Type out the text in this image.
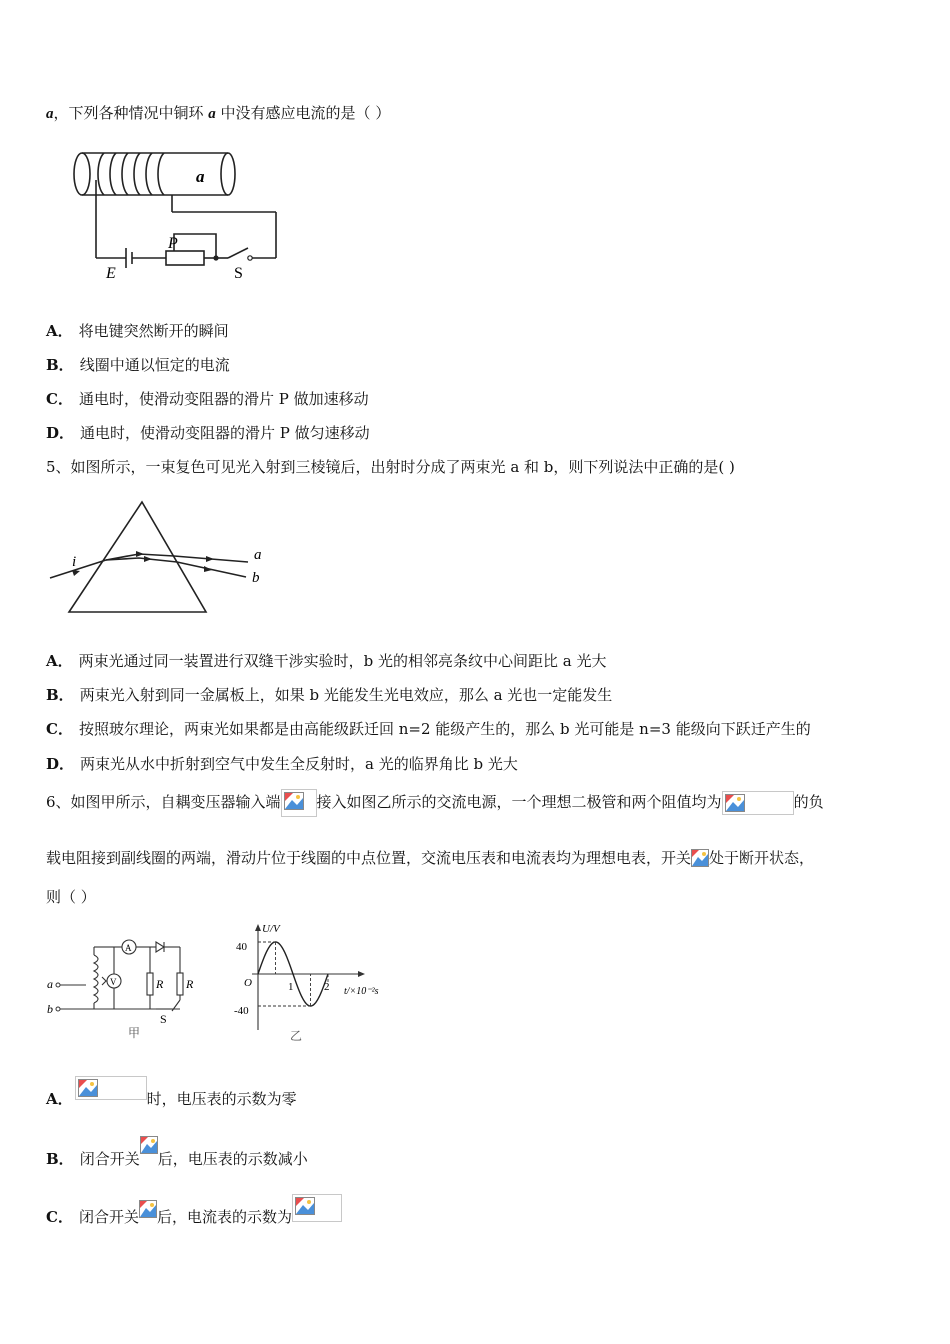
a，下列各种情况中铜环 a 中没有感应电流的是（ ）
a
P
E	S
A． 将电键突然断开的瞬间
B． 线圈中通以恒定的电流
C． 通电时，使滑动变阻器的滑片 P 做加速移动
D． 通电时，使滑动变阻器的滑片 P 做匀速移动
5、如图所示，一束复色可见光入射到三棱镜后，出射时分成了两束光 a 和 b，则下列说法中正确的是( )
i	a
b
A． 两束光通过同一装置进行双缝干涉实验时，b 光的相邻亮条纹中心间距比 a 光大
B． 两束光入射到同一金属板上，如果 b 光能发生光电效应，那么 a 光也一定能发生
C． 按照玻尔理论，两束光如果都是由高能级跃迁回 n=2 能级产生的，那么 b 光可能是 n=3 能级向下跃迁产生的
D． 两束光从水中折射到空气中发生全反射时，a 光的临界角比 b 光大
6、如图甲所示，自耦变压器输入端 接入如图乙所示的交流电源，一个理想二极管和两个阻值均为	的负
载电阻接到副线圈的两端，滑动片位于线圈的中点位置，交流电压表和电流表均为理想电表，开关 处于断开状态，
则（ ）
a
b
A
V	R R
S
甲
U/V
40
-40
O	1	2 t/×10⁻²s
乙
A．	时，电压表的示数为零
B． 闭合开关 后，电压表的示数减小
C． 闭合开关 后，电流表的示数为
